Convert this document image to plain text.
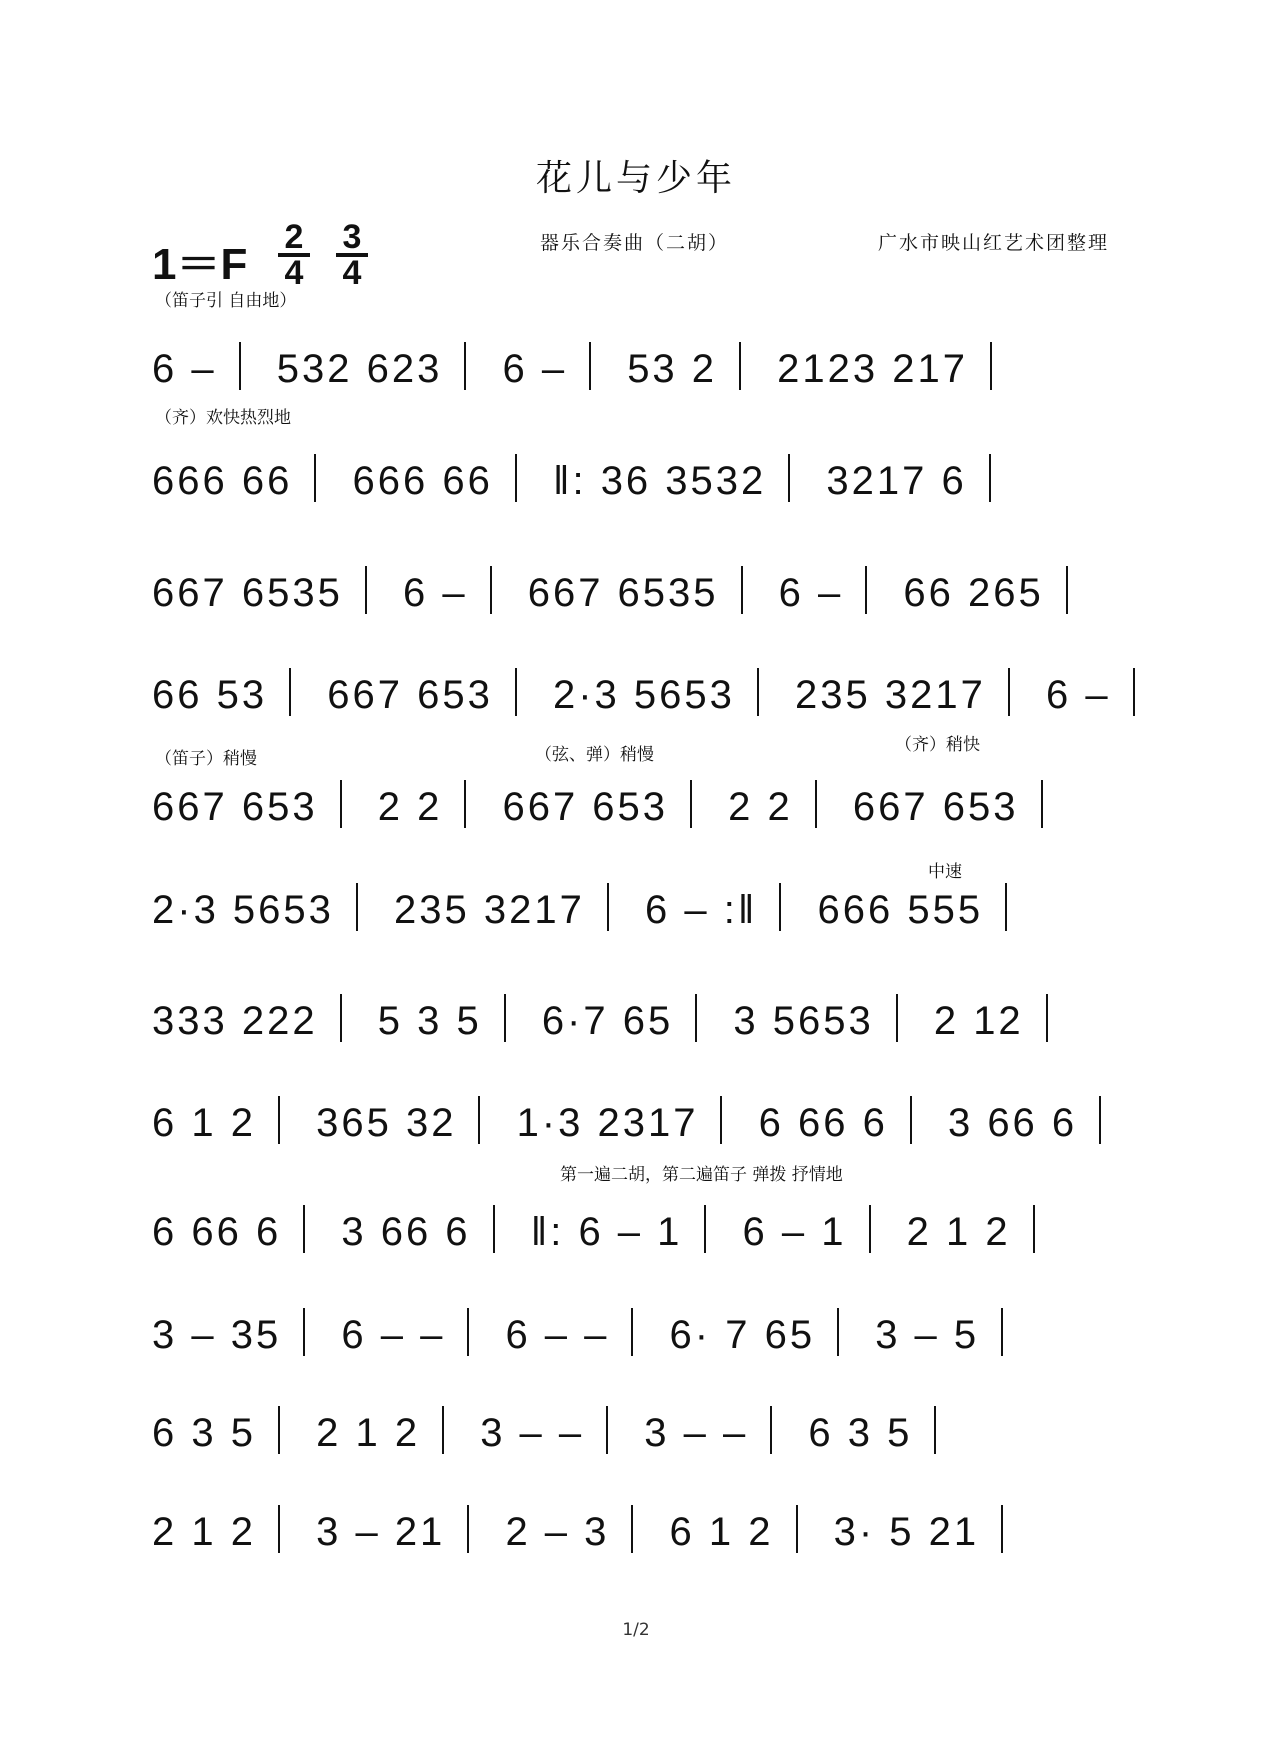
花儿与少年
器乐合奏曲（二胡）	广水市映山红艺术团整理
1＝F
2
4
3
4
（笛子引 自由地）
（齐）欢快热烈地
（笛子）稍慢	（弦、弹）稍慢	（齐）稍快
中速
第一遍二胡，第二遍笛子 弹拨 抒情地
6 – 532 623 6 – 53 2 2123 217
666 66 666 66 ‖: 36 3532 3217 6
667 6535 6 – 667 6535 6 – 66 265
66 53 667 653 2·3 5653 235 3217 6 –
667 653 2 2 667 653 2 2 667 653
2·3 5653 235 3217 6 – :‖ 666 555
333 222 5 3 5 6·7 65 3 5653 2 12
6 1 2 365 32 1·3 2317 6 66 6 3 66 6
6 66 6 3 66 6 ‖: 6 – 1 6 – 1 2 1 2
3 – 35 6 – – 6 – – 6· 7 65 3 – 5
6 3 5 2 1 2 3 – – 3 – – 6 3 5
2 1 2 3 – 21 2 – 3 6 1 2 3· 5 21
1/2
